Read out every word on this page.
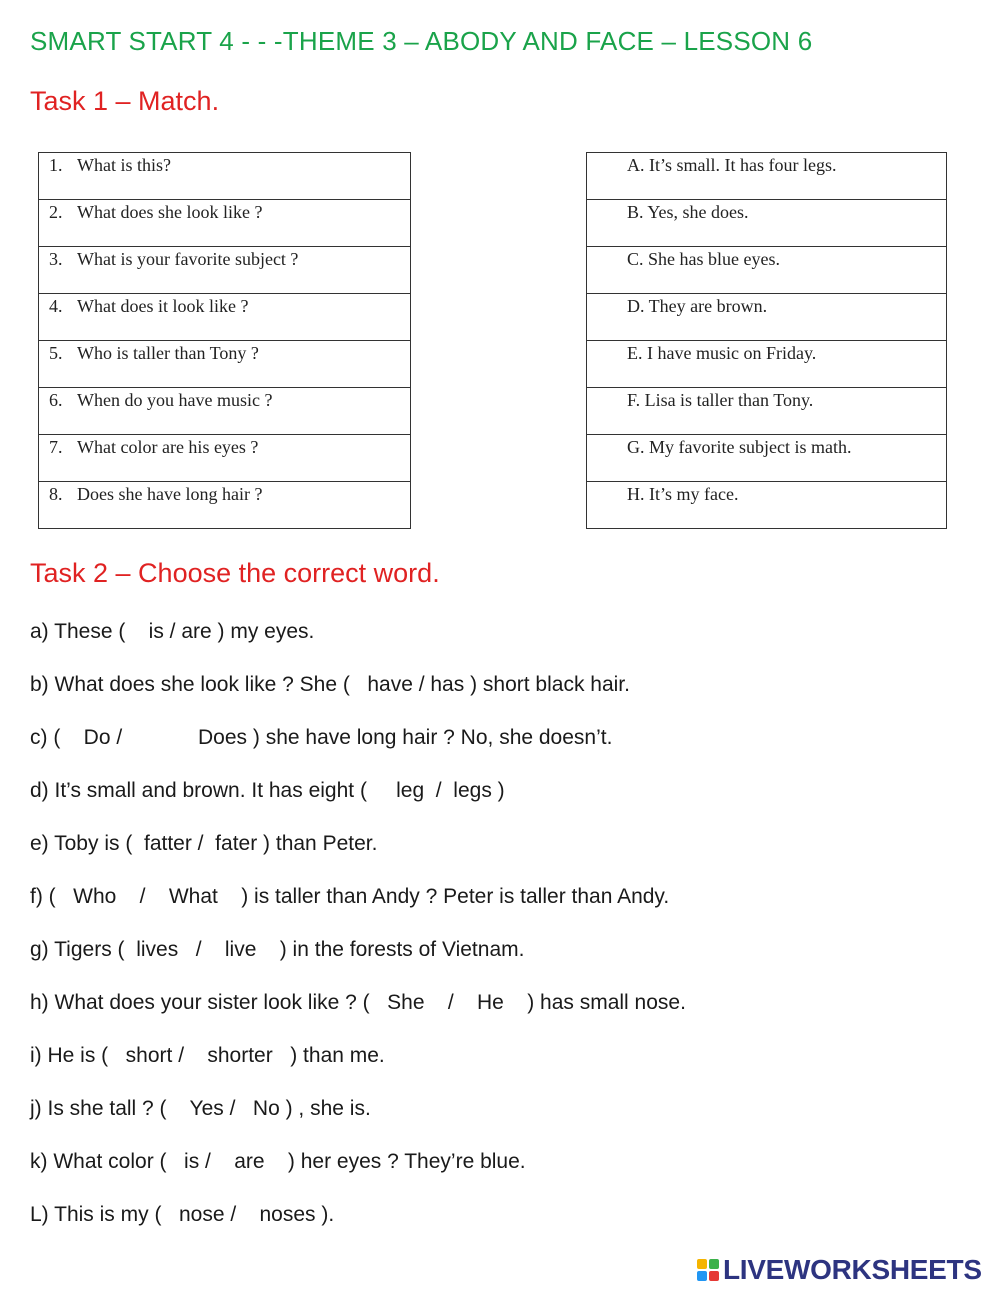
SMART START 4 - - -THEME 3 – ABODY AND FACE – LESSON 6
Task 1 – Match.
1. What is this?
2. What does she look like ?
3. What is your favorite subject ?
4. What does it look like ?
5. Who is taller than Tony ?
6. When do you have music ?
7. What color are his eyes ?
8. Does she have long hair ?
A. It’s small. It has four legs.
B. Yes, she does.
C. She has blue eyes.
D. They are brown.
E. I have music on Friday.
F. Lisa is taller than Tony.
G. My favorite subject is math.
H. It’s my face.
Task 2 – Choose the correct word.
a) These (    is / are ) my eyes.
b) What does she look like ? She (   have / has ) short black hair.
c) (    Do /             Does ) she have long hair ? No, she doesn’t.
d) It’s small and brown. It has eight (     leg  /  legs )
e) Toby is (  fatter /  fater ) than Peter.
f) (   Who    /    What    ) is taller than Andy ? Peter is taller than Andy.
g) Tigers (  lives   /    live    ) in the forests of Vietnam.
h) What does your sister look like ? (   She    /    He    ) has small nose.
i) He is (   short /    shorter   ) than me.
j) Is she tall ? (    Yes /   No ) , she is.
k) What color (   is /    are    ) her eyes ? They’re blue.
L) This is my (   nose /    noses ).
LIVEWORKSHEETS
